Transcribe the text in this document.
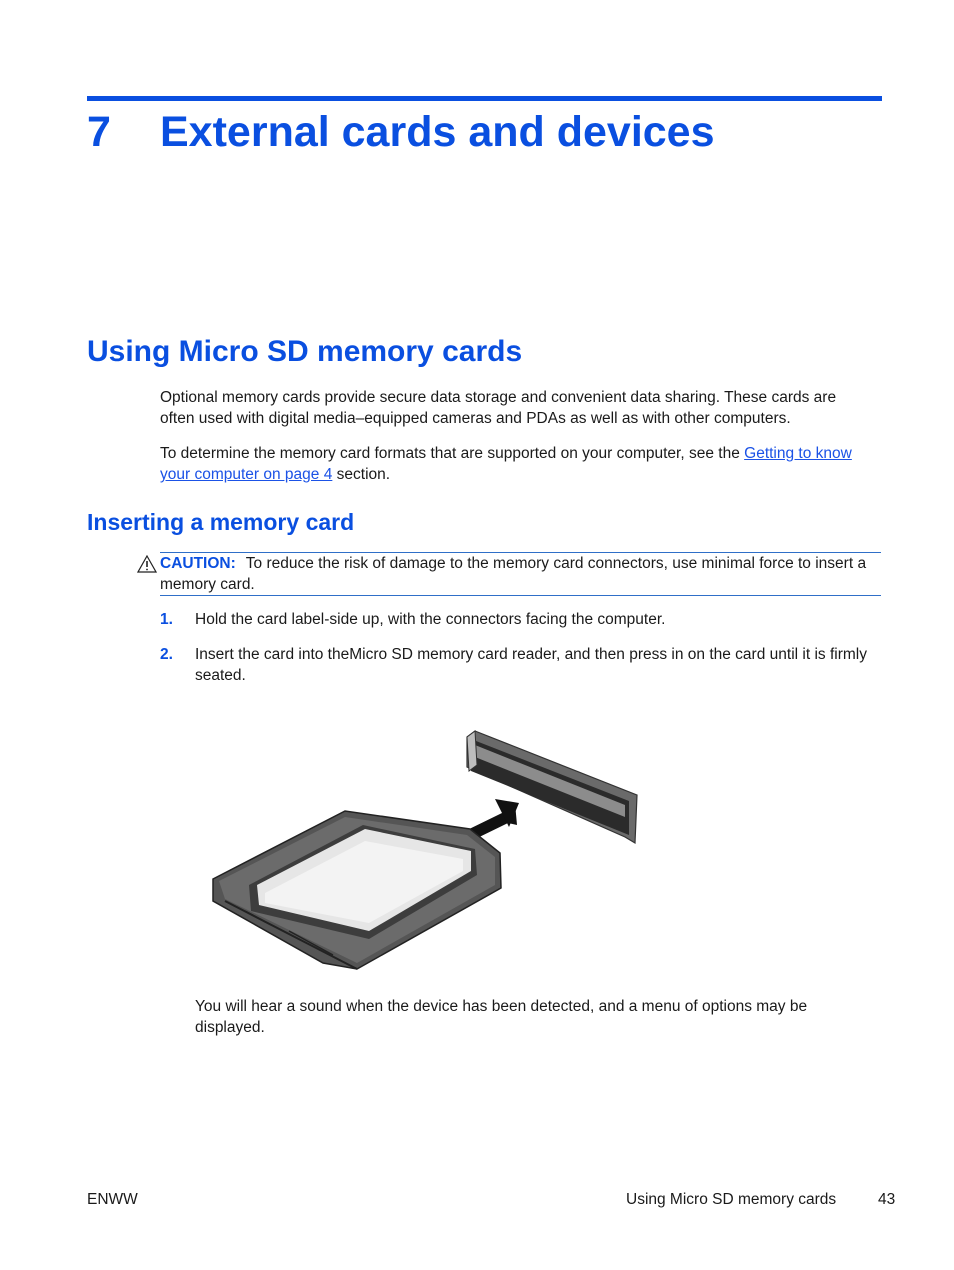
7 External cards and devices
Using Micro SD memory cards

Optional memory cards provide secure data storage and convenient data sharing. These cards are often used with digital media–equipped cameras and PDAs as well as with other computers.

To determine the memory card formats that are supported on your computer, see the Getting to know your computer on page 4 section.

Inserting a memory card

CAUTION: To reduce the risk of damage to the memory card connectors, use minimal force to insert a memory card.

1. Hold the card label-side up, with the connectors facing the computer.

2. Insert the card into theMicro SD memory card reader, and then press in on the card until it is firmly seated.

You will hear a sound when the device has been detected, and a menu of options may be displayed.

ENWW	Using Micro SD memory cards	43
